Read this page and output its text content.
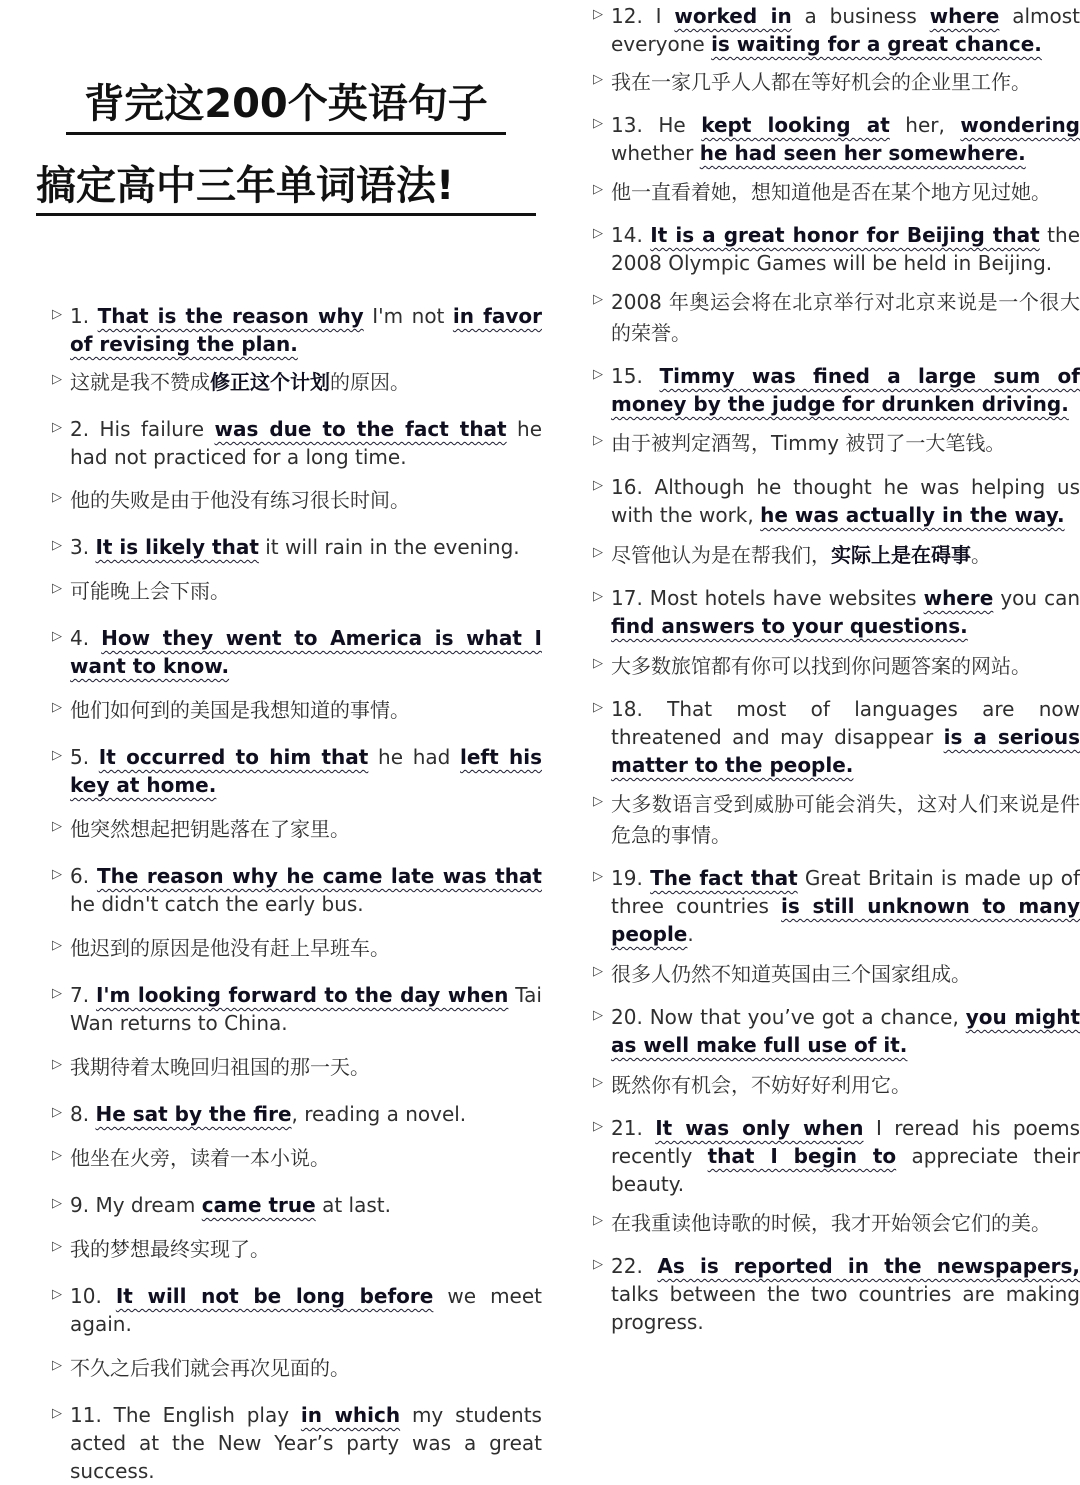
背完这200个英语句子
搞定高中三年单词语法!
▷ 1. That is the reason why I'm not in favor of revising the plan.
▷ 这就是我不赞成修正这个计划的原因。
▷ 2. His failure was due to the fact that he had not practiced for a long time.
▷ 他的失败是由于他没有练习很长时间。
▷ 3. It is likely that it will rain in the evening.
▷ 可能晚上会下雨。
▷ 4. How they went to America is what I want to know.
▷ 他们如何到的美国是我想知道的事情。
▷ 5. It occurred to him that he had left his key at home.
▷ 他突然想起把钥匙落在了家里。
▷ 6. The reason why he came late was that he didn't catch the early bus.
▷ 他迟到的原因是他没有赶上早班车。
▷ 7. I'm looking forward to the day when Tai Wan returns to China.
▷ 我期待着太晚回归祖国的那一天。
▷ 8. He sat by the fire, reading a novel.
▷ 他坐在火旁，读着一本小说。
▷ 9. My dream came true at last.
▷ 我的梦想最终实现了。
▷ 10. It will not be long before we meet again.
▷ 不久之后我们就会再次见面的。
▷ 11. The English play in which my students acted at the New Year’s party was a great success.
▷ 12. I worked in a business where almost everyone is waiting for a great chance.
▷ 我在一家几乎人人都在等好机会的企业里工作。
▷ 13. He kept looking at her, wondering whether he had seen her somewhere.
▷ 他一直看着她，想知道他是否在某个地方见过她。
▷ 14. It is a great honor for Beijing that the 2008 Olympic Games will be held in Beijing.
▷ 2008 年奥运会将在北京举行对北京来说是一个很大的荣誉。
▷ 15. Timmy was fined a large sum of money by the judge for drunken driving.
▷ 由于被判定酒驾，Timmy 被罚了一大笔钱。
▷ 16. Although he thought he was helping us with the work, he was actually in the way.
▷ 尽管他认为是在帮我们，实际上是在碍事。
▷ 17. Most hotels have websites where you can find answers to your questions.
▷ 大多数旅馆都有你可以找到你问题答案的网站。
▷ 18. That most of languages are now threatened and may disappear is a serious matter to the people.
▷ 大多数语言受到威胁可能会消失，这对人们来说是件危急的事情。
▷ 19. The fact that Great Britain is made up of three countries is still unknown to many people.
▷ 很多人仍然不知道英国由三个国家组成。
▷ 20. Now that you’ve got a chance, you might as well make full use of it.
▷ 既然你有机会，不妨好好利用它。
▷ 21. It was only when I reread his poems recently that I begin to appreciate their beauty.
▷ 在我重读他诗歌的时候，我才开始领会它们的美。
▷ 22. As is reported in the newspapers, talks between the two countries are making progress.
